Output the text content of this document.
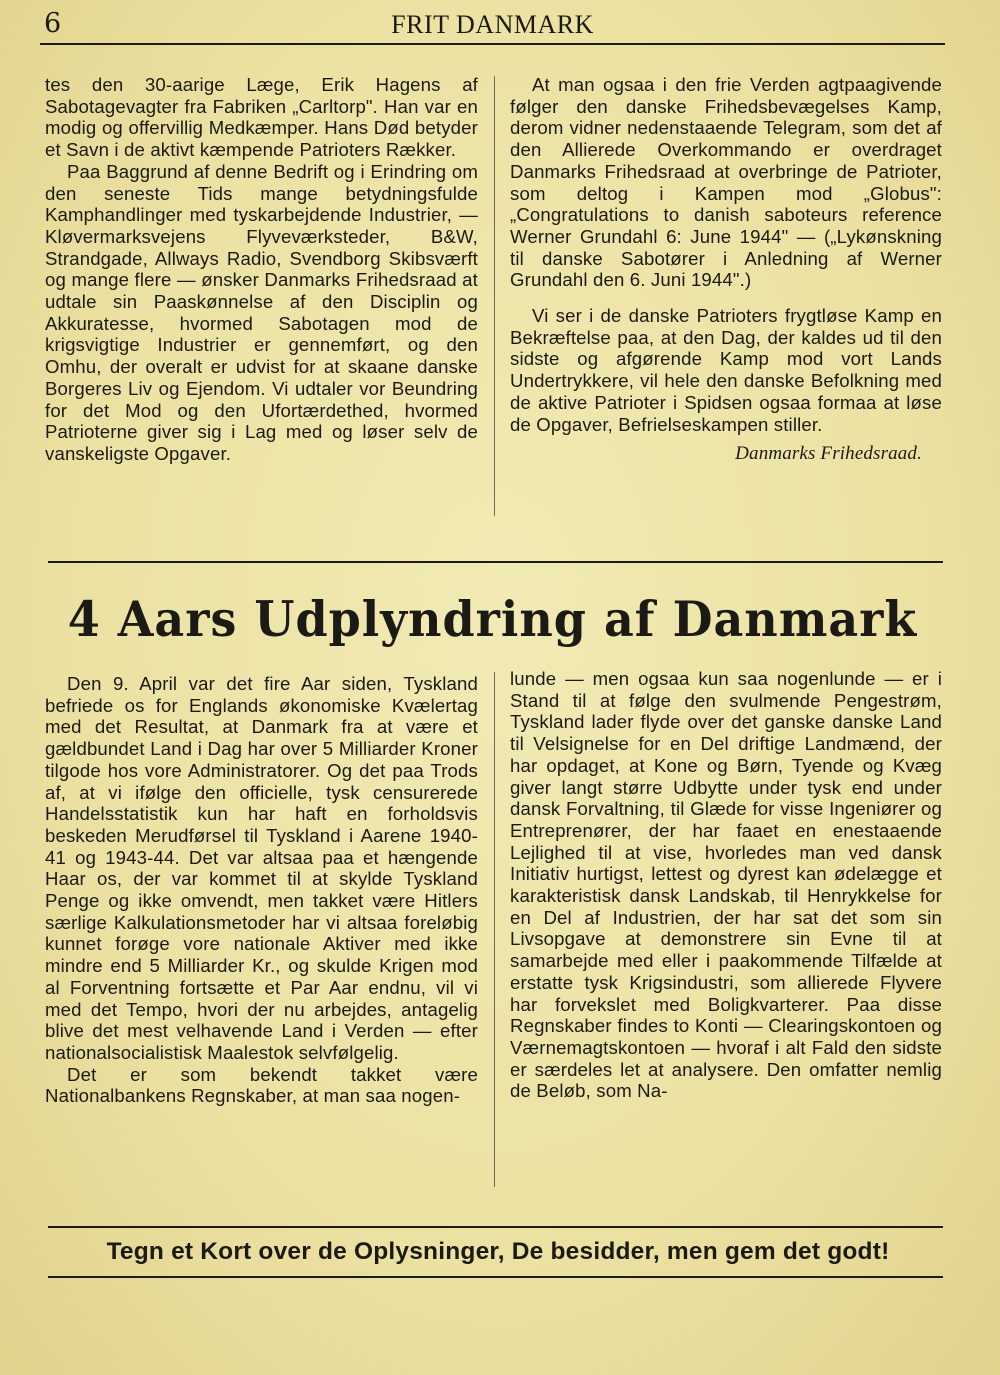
6	FRIT DANMARK

tes den 30-aarige Læge, Erik Hagens af Sabotagevagter fra Fabriken „Carltorp". Han var en modig og offervillig Medkæmper. Hans Død betyder et Savn i de aktivt kæmpende Patrioters Rækker.

Paa Baggrund af denne Bedrift og i Erindring om den seneste Tids mange betydningsfulde Kamphandlinger med tyskarbejdende Industrier, — Kløvermarksvejens Flyveværksteder, B&W, Strandgade, Allways Radio, Svendborg Skibsværft og mange flere — ønsker Danmarks Frihedsraad at udtale sin Paaskønnelse af den Disciplin og Akkuratesse, hvormed Sabotagen mod de krigsvigtige Industrier er gennemført, og den Omhu, der overalt er udvist for at skaane danske Borgeres Liv og Ejendom. Vi udtaler vor Beundring for det Mod og den Ufortærdethed, hvormed Patrioterne giver sig i Lag med og løser selv de vanskeligste Opgaver.

At man ogsaa i den frie Verden agtpaagivende følger den danske Frihedsbevægelses Kamp, derom vidner nedenstaaende Telegram, som det af den Allierede Overkommando er overdraget Danmarks Frihedsraad at overbringe de Patrioter, som deltog i Kampen mod „Globus": „Congratulations to danish saboteurs reference Werner Grundahl 6: June 1944" — („Lykønskning til danske Sabotører i Anledning af Werner Grundahl den 6. Juni 1944".)

Vi ser i de danske Patrioters frygtløse Kamp en Bekræftelse paa, at den Dag, der kaldes ud til den sidste og afgørende Kamp mod vort Lands Undertrykkere, vil hele den danske Befolkning med de aktive Patrioter i Spidsen ogsaa formaa at løse de Opgaver, Befrielseskampen stiller.

Danmarks Frihedsraad.
4 Aars Udplyndring af Danmark

Den 9. April var det fire Aar siden, Tyskland befriede os for Englands økonomiske Kvælertag med det Resultat, at Danmark fra at være et gældbundet Land i Dag har over 5 Milliarder Kroner tilgode hos vore Administratorer. Og det paa Trods af, at vi ifølge den officielle, tysk censurerede Handelsstatistik kun har haft en forholdsvis beskeden Merudførsel til Tyskland i Aarene 1940-41 og 1943-44. Det var altsaa paa et hængende Haar os, der var kommet til at skylde Tyskland Penge og ikke omvendt, men takket være Hitlers særlige Kalkulationsmetoder har vi altsaa foreløbig kunnet forøge vore nationale Aktiver med ikke mindre end 5 Milliarder Kr., og skulde Krigen mod al Forventning fortsætte et Par Aar endnu, vil vi med det Tempo, hvori der nu arbejdes, antagelig blive det mest velhavende Land i Verden — efter nationalsocialistisk Maalestok selvfølgelig.

Det er som bekendt takket være Nationalbankens Regnskaber, at man saa nogen-

lunde — men ogsaa kun saa nogenlunde — er i Stand til at følge den svulmende Pengestrøm, Tyskland lader flyde over det ganske danske Land til Velsignelse for en Del driftige Landmænd, der har opdaget, at Kone og Børn, Tyende og Kvæg giver langt større Udbytte under tysk end under dansk Forvaltning, til Glæde for visse Ingeniører og Entreprenører, der har faaet en enestaaende Lejlighed til at vise, hvorledes man ved dansk Initiativ hurtigst, lettest og dyrest kan ødelægge et karakteristisk dansk Landskab, til Henrykkelse for en Del af Industrien, der har sat det som sin Livsopgave at demonstrere sin Evne til at samarbejde med eller i paakommende Tilfælde at erstatte tysk Krigsindustri, som allierede Flyvere har forvekslet med Boligkvarterer. Paa disse Regnskaber findes to Konti — Clearingskontoen og Værnemagtskontoen — hvoraf i alt Fald den sidste er særdeles let at analysere. Den omfatter nemlig de Beløb, som Na-

Tegn et Kort over de Oplysninger, De besidder, men gem det godt!
